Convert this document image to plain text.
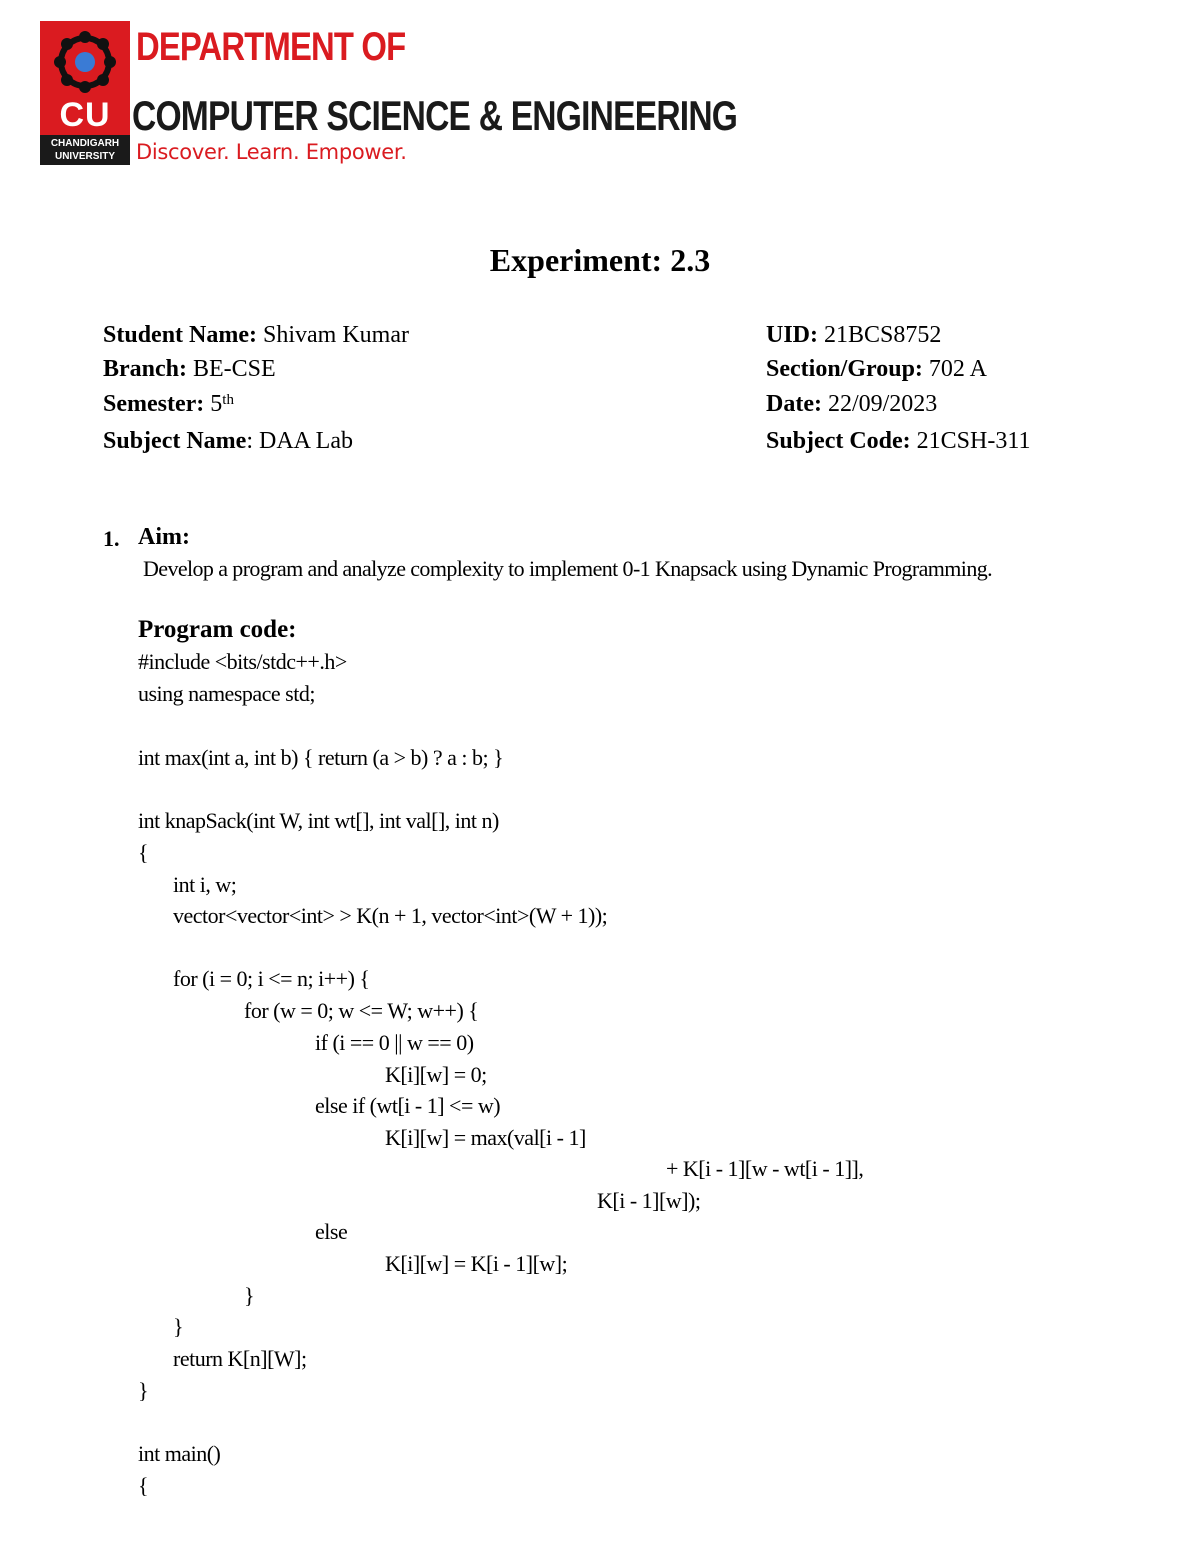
CU
CHANDIGARH
UNIVERSITY
DEPARTMENT OF
COMPUTER SCIENCE & ENGINEERING
Discover. Learn. Empower.
Experiment: 2.3
Student Name: Shivam Kumar	UID: 21BCS8752
Branch: BE-CSE	Section/Group: 702 A
Semester: 5th	Date: 22/09/2023
Subject Name: DAA Lab	Subject Code: 21CSH-311
1. Aim:
Develop a program and analyze complexity to implement 0-1 Knapsack using Dynamic Programming.
Program code:
#include <bits/stdc++.h>
using namespace std;
int max(int a, int b) { return (a > b) ? a : b; }
int knapSack(int W, int wt[], int val[], int n)
{
int i, w;
vector<vector<int> > K(n + 1, vector<int>(W + 1));
for (i = 0; i <= n; i++) {
for (w = 0; w <= W; w++) {
if (i == 0 || w == 0)
K[i][w] = 0;
else if (wt[i - 1] <= w)
K[i][w] = max(val[i - 1]
+ K[i - 1][w - wt[i - 1]],
K[i - 1][w]);
else
K[i][w] = K[i - 1][w];
}
}
return K[n][W];
}
int main()
{
